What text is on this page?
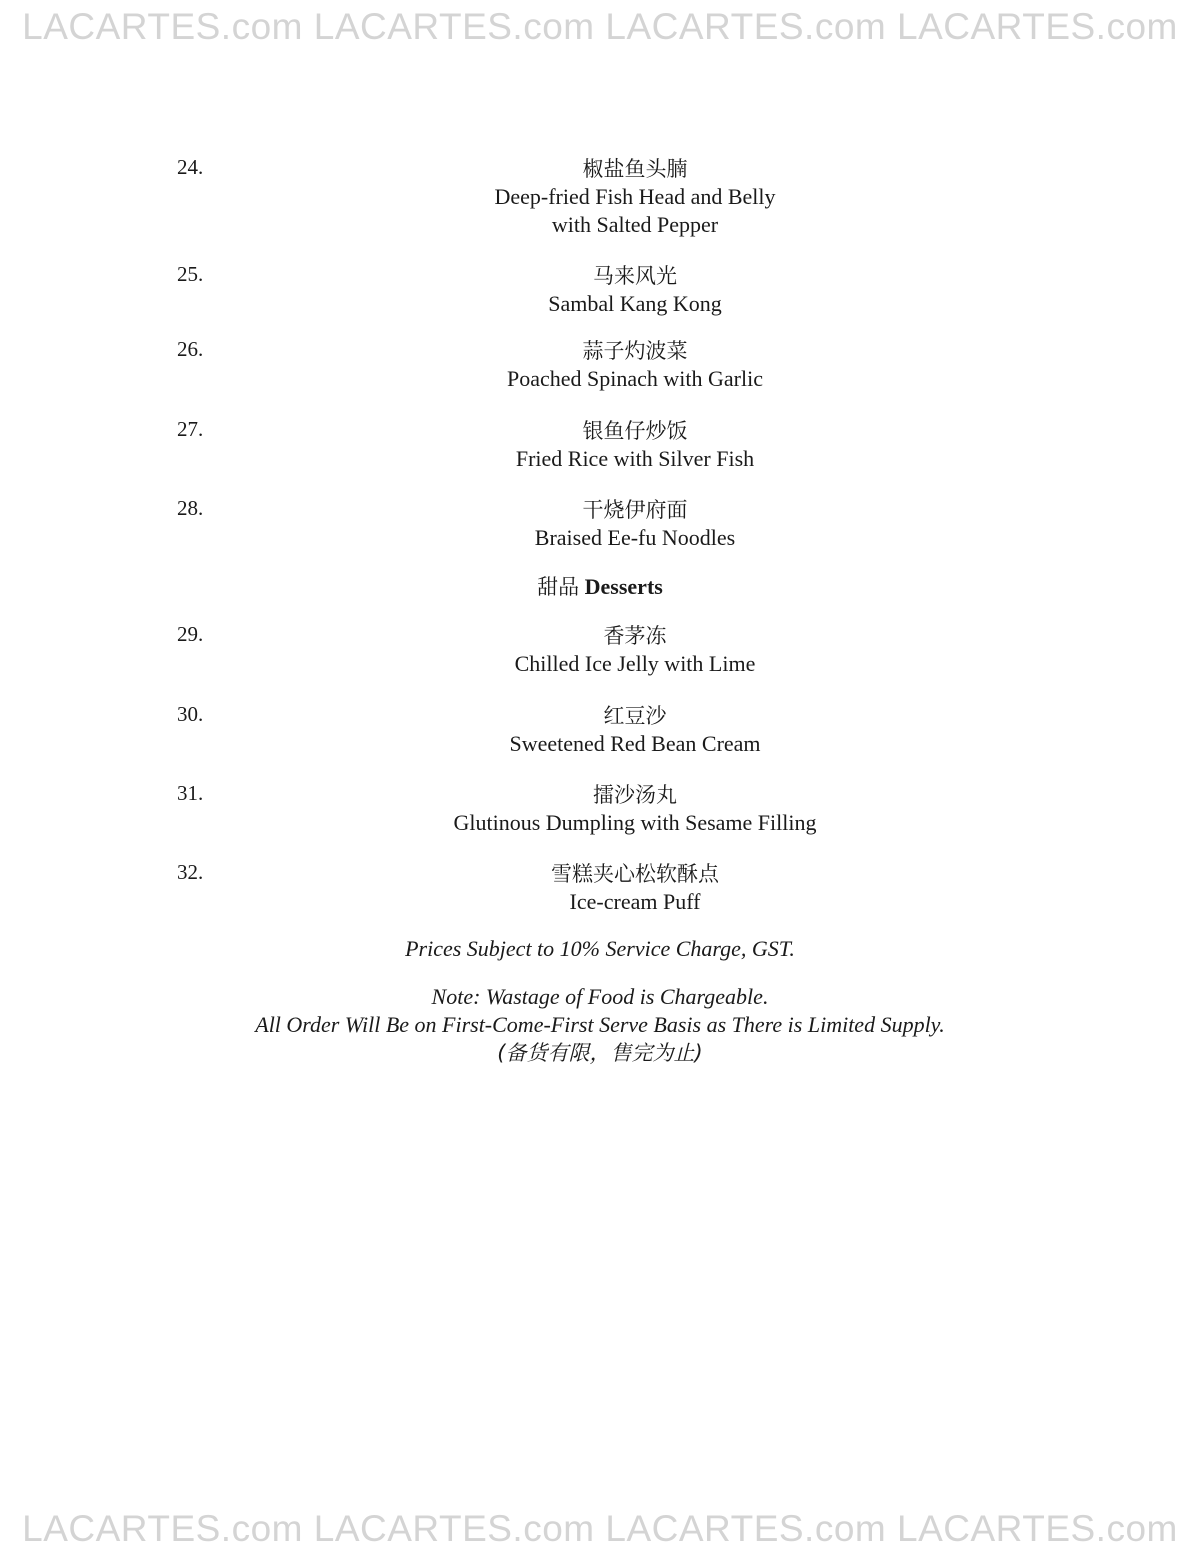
LACARTES.com LACARTES.com LACARTES.com LACARTES.com
24.	椒盐鱼头腩
Deep-fried Fish Head and Belly
with Salted Pepper
25.	马来风光
Sambal Kang Kong
26.	蒜子灼波菜
Poached Spinach with Garlic
27.	银鱼仔炒饭
Fried Rice with Silver Fish
28.	干烧伊府面
Braised Ee-fu Noodles
甜品 Desserts
29.	香茅冻
Chilled Ice Jelly with Lime
30.	红豆沙
Sweetened Red Bean Cream
31.	擂沙汤丸
Glutinous Dumpling with Sesame Filling
32.	雪糕夹心松软酥点
Ice-cream Puff
Prices Subject to 10% Service Charge, GST.
Note: Wastage of Food is Chargeable.
All Order Will Be on First-Come-First Serve Basis as There is Limited Supply.
(备货有限，售完为止)
LACARTES.com LACARTES.com LACARTES.com LACARTES.com
